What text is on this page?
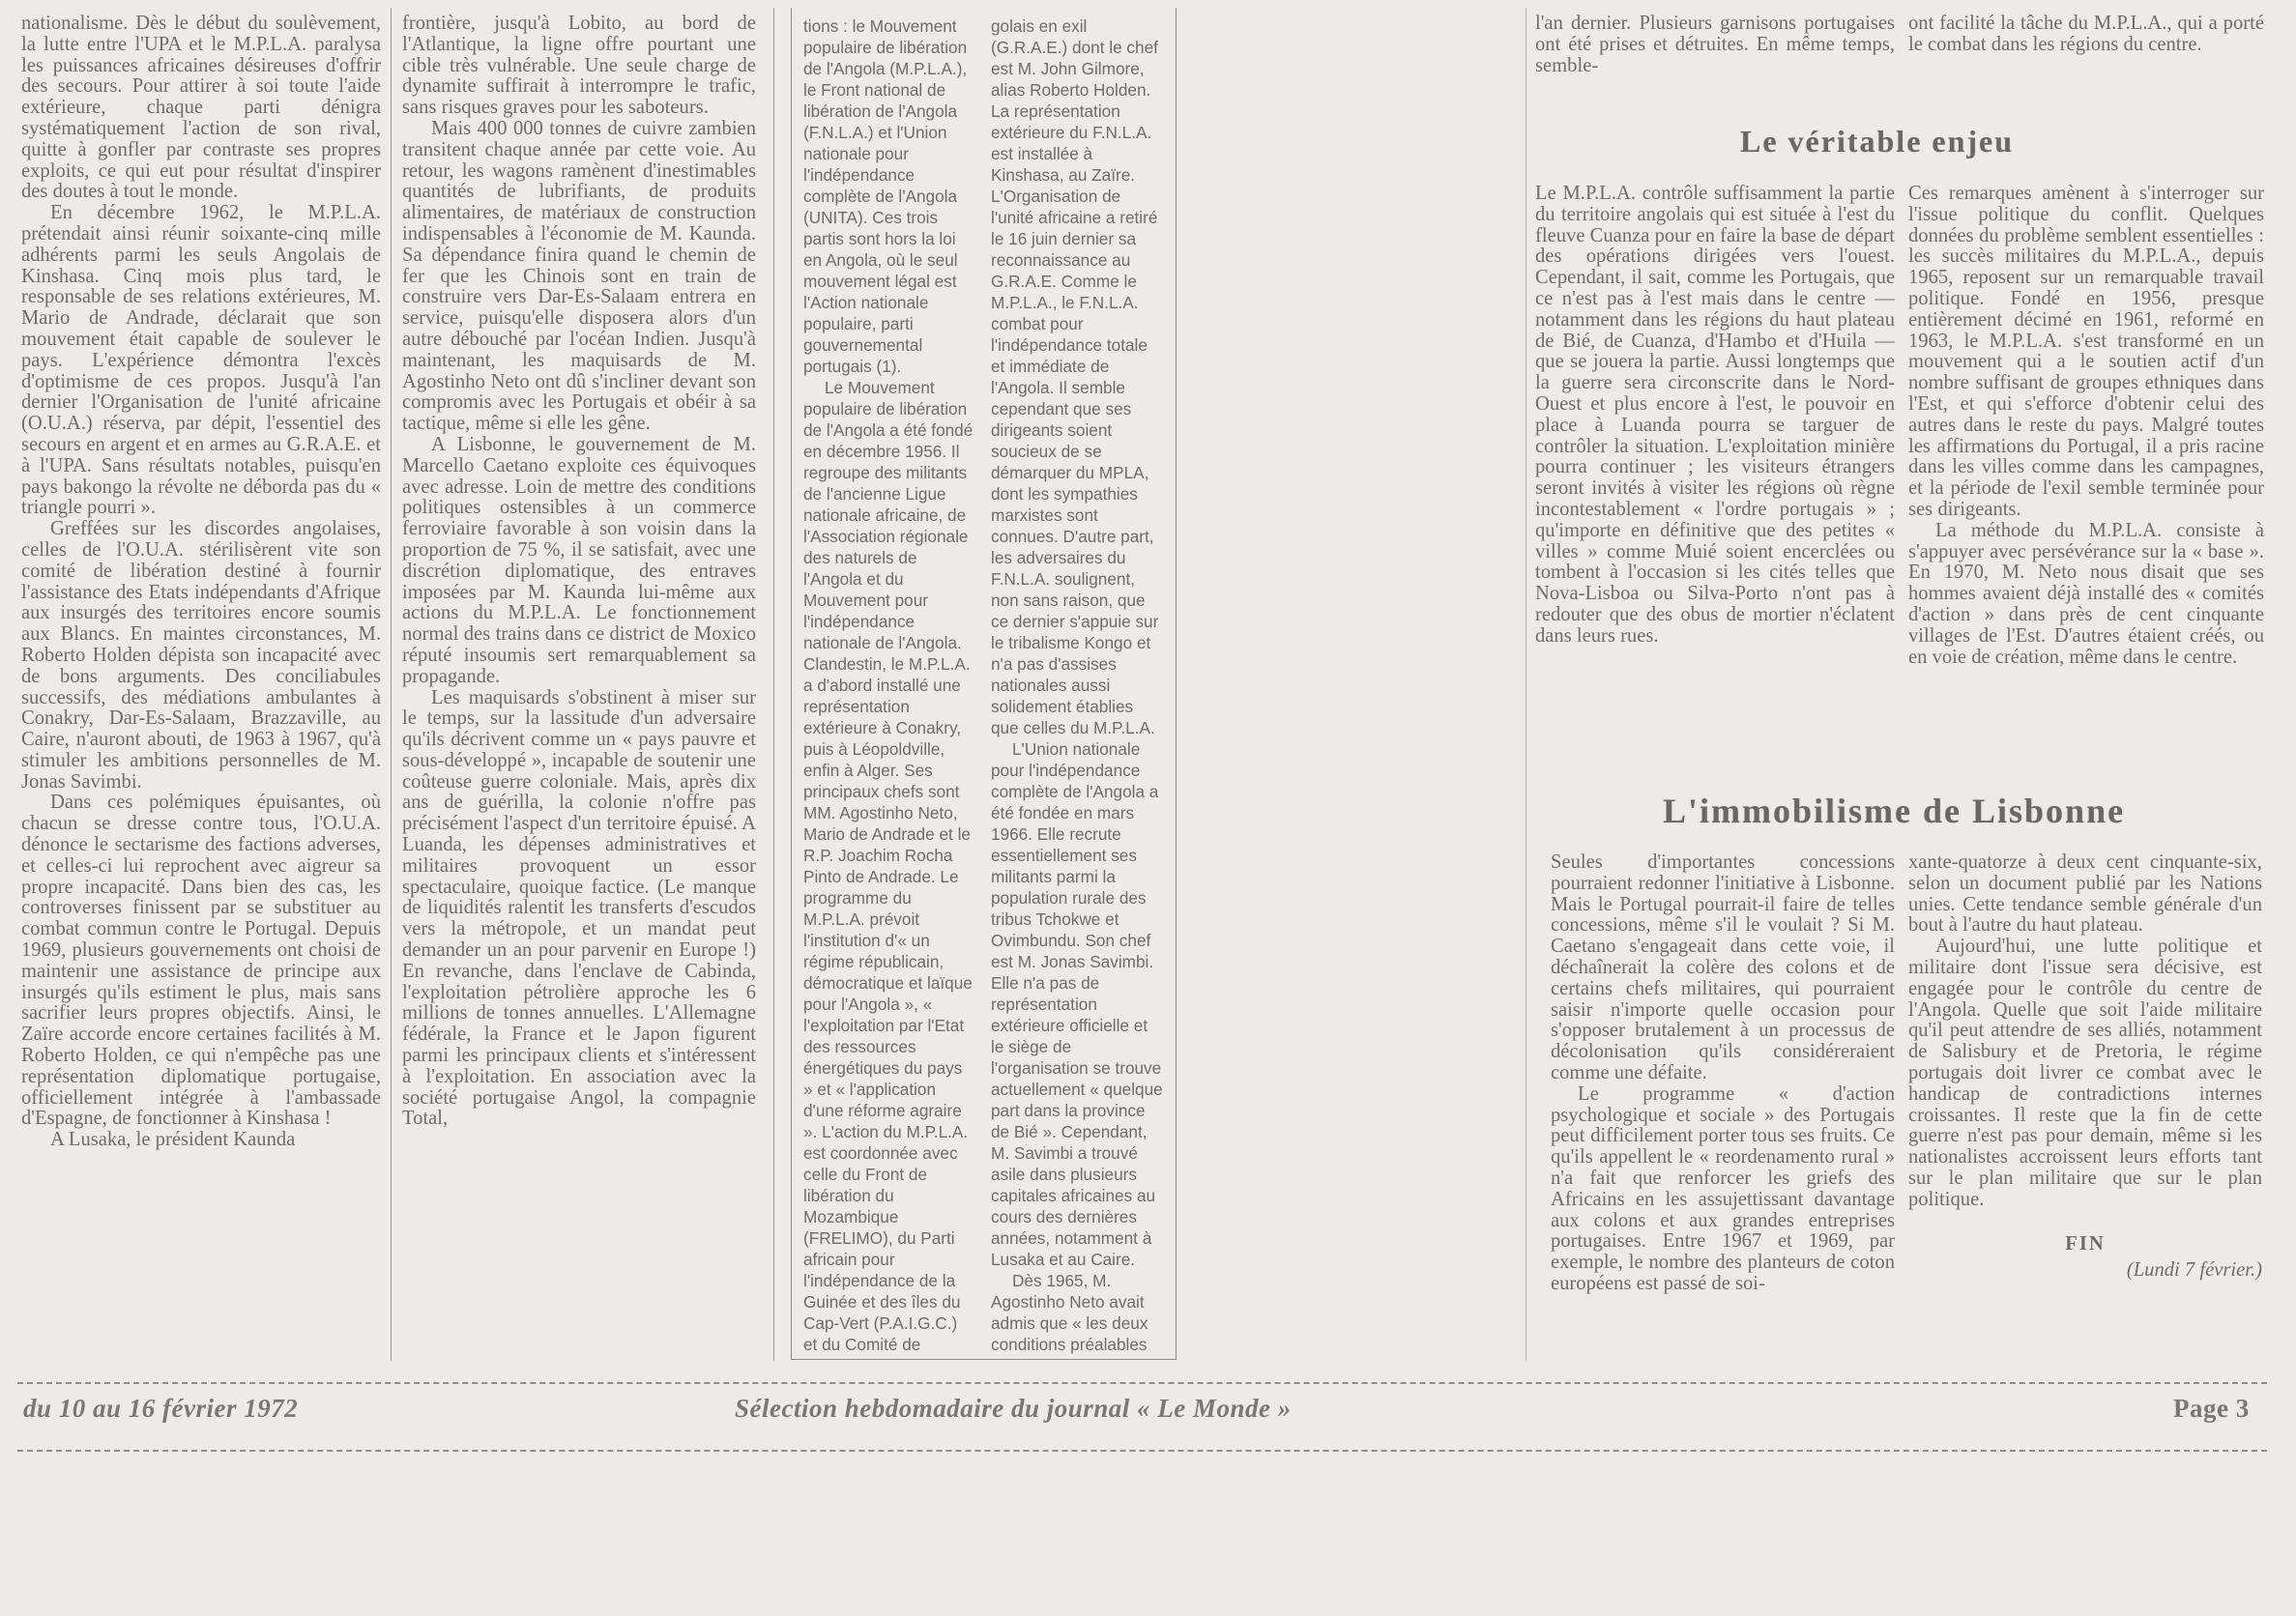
nationalisme. Dès le début du soulèvement, la lutte entre l'UPA et le M.P.L.A. paralysa les puissances africaines désireuses d'offrir des secours. Pour attirer à soi toute l'aide extérieure, chaque parti dénigra systématiquement l'action de son rival, quitte à gonfler par contraste ses propres exploits, ce qui eut pour résultat d'inspirer des doutes à tout le monde.

En décembre 1962, le M.P.L.A. prétendait ainsi réunir soixante-cinq mille adhérents parmi les seuls Angolais de Kinshasa. Cinq mois plus tard, le responsable de ses relations extérieures, M. Mario de Andrade, déclarait que son mouvement était capable de soulever le pays. L'expérience démontra l'excès d'optimisme de ces propos. Jusqu'à l'an dernier l'Organisation de l'unité africaine (O.U.A.) réserva, par dépit, l'essentiel des secours en argent et en armes au G.R.A.E. et à l'UPA. Sans résultats notables, puisqu'en pays bakongo la révolte ne déborda pas du « triangle pourri ».

Greffées sur les discordes angolaises, celles de l'O.U.A. stérilisèrent vite son comité de libération destiné à fournir l'assistance des Etats indépendants d'Afrique aux insurgés des territoires encore soumis aux Blancs. En maintes circonstances, M. Roberto Holden dépista son incapacité avec de bons arguments. Des conciliabules successifs, des médiations ambulantes à Conakry, Dar-Es-Salaam, Brazzaville, au Caire, n'auront abouti, de 1963 à 1967, qu'à stimuler les ambitions personnelles de M. Jonas Savimbi.

Dans ces polémiques épuisantes, où chacun se dresse contre tous, l'O.U.A. dénonce le sectarisme des factions adverses, et celles-ci lui reprochent avec aigreur sa propre incapacité. Dans bien des cas, les controverses finissent par se substituer au combat commun contre le Portugal. Depuis 1969, plusieurs gouvernements ont choisi de maintenir une assistance de principe aux insurgés qu'ils estiment le plus, mais sans sacrifier leurs propres objectifs. Ainsi, le Zaïre accorde encore certaines facilités à M. Roberto Holden, ce qui n'empêche pas une représentation diplomatique portugaise, officiellement intégrée à l'ambassade d'Espagne, de fonctionner à Kinshasa !

A Lusaka, le président Kaunda

frontière, jusqu'à Lobito, au bord de l'Atlantique, la ligne offre pourtant une cible très vulnérable. Une seule charge de dynamite suffirait à interrompre le trafic, sans risques graves pour les saboteurs.

Mais 400 000 tonnes de cuivre zambien transitent chaque année par cette voie. Au retour, les wagons ramènent d'inestimables quantités de lubrifiants, de produits alimentaires, de matériaux de construction indispensables à l'économie de M. Kaunda. Sa dépendance finira quand le chemin de fer que les Chinois sont en train de construire vers Dar-Es-Salaam entrera en service, puisqu'elle disposera alors d'un autre débouché par l'océan Indien. Jusqu'à maintenant, les maquisards de M. Agostinho Neto ont dû s'incliner devant son compromis avec les Portugais et obéir à sa tactique, même si elle les gêne.

A Lisbonne, le gouvernement de M. Marcello Caetano exploite ces équivoques avec adresse. Loin de mettre des conditions politiques ostensibles à un commerce ferroviaire favorable à son voisin dans la proportion de 75 %, il se satisfait, avec une discrétion diplomatique, des entraves imposées par M. Kaunda lui-même aux actions du M.P.L.A. Le fonctionnement normal des trains dans ce district de Moxico réputé insoumis sert remarquablement sa propagande.

Les maquisards s'obstinent à miser sur le temps, sur la lassitude d'un adversaire qu'ils décrivent comme un « pays pauvre et sous-développé », incapable de soutenir une coûteuse guerre coloniale. Mais, après dix ans de guérilla, la colonie n'offre pas précisément l'aspect d'un territoire épuisé. A Luanda, les dépenses administratives et militaires provoquent un essor spectaculaire, quoique factice. (Le manque de liquidités ralentit les transferts d'escudos vers la métropole, et un mandat peut demander un an pour parvenir en Europe !) En revanche, dans l'enclave de Cabinda, l'exploitation pétrolière approche les 6 millions de tonnes annuelles. L'Allemagne fédérale, la France et le Japon figurent parmi les principaux clients et s'intéressent à l'exploitation. En association avec la société portugaise Angol, la compagnie Total,

tions : le Mouvement populaire de libération de l'Angola (M.P.L.A.), le Front national de libération de l'Angola (F.N.L.A.) et l'Union nationale pour l'indépendance complète de l'Angola (UNITA). Ces trois partis sont hors la loi en Angola, où le seul mouvement légal est l'Action nationale populaire, parti gouvernemental portugais (1).

Le Mouvement populaire de libération de l'Angola a été fondé en décembre 1956. Il regroupe des militants de l'ancienne Ligue nationale africaine, de l'Association régionale des naturels de l'Angola et du Mouvement pour l'indépendance nationale de l'Angola. Clandestin, le M.P.L.A. a d'abord installé une représentation extérieure à Conakry, puis à Léopoldville, enfin à Alger. Ses principaux chefs sont MM. Agostinho Neto, Mario de Andrade et le R.P. Joachim Rocha Pinto de Andrade. Le programme du M.P.L.A. prévoit l'institution d'« un régime républicain, démocratique et laïque pour l'Angola », « l'exploitation par l'Etat des ressources énergétiques du pays » et « l'application d'une réforme agraire ». L'action du M.P.L.A. est coordonnée avec celle du Front de libération du Mozambique (FRELIMO), du Parti africain pour l'indépendance de la Guinée et des îles du Cap-Vert (P.A.I.G.C.) et du Comité de

golais en exil (G.R.A.E.) dont le chef est M. John Gilmore, alias Roberto Holden. La représentation extérieure du F.N.L.A. est installée à Kinshasa, au Zaïre. L'Organisation de l'unité africaine a retiré le 16 juin dernier sa reconnaissance au G.R.A.E. Comme le M.P.L.A., le F.N.L.A. combat pour l'indépendance totale et immédiate de l'Angola. Il semble cependant que ses dirigeants soient soucieux de se démarquer du MPLA, dont les sympathies marxistes sont connues. D'autre part, les adversaires du F.N.L.A. soulignent, non sans raison, que ce dernier s'appuie sur le tribalisme Kongo et n'a pas d'assises nationales aussi solidement établies que celles du M.P.L.A.

L'Union nationale pour l'indépendance complète de l'Angola a été fondée en mars 1966. Elle recrute essentiellement ses militants parmi la population rurale des tribus Tchokwe et Ovimbundu. Son chef est M. Jonas Savimbi. Elle n'a pas de représentation extérieure officielle et le siège de l'organisation se trouve actuellement « quelque part dans la province de Bié ». Cependant, M. Savimbi a trouvé asile dans plusieurs capitales africaines au cours des dernières années, notamment à Lusaka et au Caire.

Dès 1965, M. Agostinho Neto avait admis que « les deux conditions préalables

l'an dernier. Plusieurs garnisons portugaises ont été prises et détruites. En même temps, semble-

ont facilité la tâche du M.P.L.A., qui a porté le combat dans les régions du centre.

Le véritable enjeu

Le M.P.L.A. contrôle suffisamment la partie du territoire angolais qui est située à l'est du fleuve Cuanza pour en faire la base de départ des opérations dirigées vers l'ouest. Cependant, il sait, comme les Portugais, que ce n'est pas à l'est mais dans le centre — notamment dans les régions du haut plateau de Bié, de Cuanza, d'Hambo et d'Huila — que se jouera la partie. Aussi longtemps que la guerre sera circonscrite dans le Nord-Ouest et plus encore à l'est, le pouvoir en place à Luanda pourra se targuer de contrôler la situation. L'exploitation minière pourra continuer ; les visiteurs étrangers seront invités à visiter les régions où règne incontestablement « l'ordre portugais » ; qu'importe en définitive que des petites « villes » comme Muié soient encerclées ou tombent à l'occasion si les cités telles que Nova-Lisboa ou Silva-Porto n'ont pas à redouter que des obus de mortier n'éclatent dans leurs rues.

Ces remarques amènent à s'interroger sur l'issue politique du conflit. Quelques données du problème semblent essentielles : les succès militaires du M.P.L.A., depuis 1965, reposent sur un remarquable travail politique. Fondé en 1956, presque entièrement décimé en 1961, reformé en 1963, le M.P.L.A. s'est transformé en un mouvement qui a le soutien actif d'un nombre suffisant de groupes ethniques dans l'Est, et qui s'efforce d'obtenir celui des autres dans le reste du pays. Malgré toutes les affirmations du Portugal, il a pris racine dans les villes comme dans les campagnes, et la période de l'exil semble terminée pour ses dirigeants.

La méthode du M.P.L.A. consiste à s'appuyer avec persévérance sur la « base ». En 1970, M. Neto nous disait que ses hommes avaient déjà installé des « comités d'action » dans près de cent cinquante villages de l'Est. D'autres étaient créés, ou en voie de création, même dans le centre.

L'immobilisme de Lisbonne

Seules d'importantes concessions pourraient redonner l'initiative à Lisbonne. Mais le Portugal pourrait-il faire de telles concessions, même s'il le voulait ? Si M. Caetano s'engageait dans cette voie, il déchaînerait la colère des colons et de certains chefs militaires, qui pourraient saisir n'importe quelle occasion pour s'opposer brutalement à un processus de décolonisation qu'ils considéreraient comme une défaite.

Le programme « d'action psychologique et sociale » des Portugais peut difficilement porter tous ses fruits. Ce qu'ils appellent le « reordenamento rural » n'a fait que renforcer les griefs des Africains en les assujettissant davantage aux colons et aux grandes entreprises portugaises. Entre 1967 et 1969, par exemple, le nombre des planteurs de coton européens est passé de soi-

xante-quatorze à deux cent cinquante-six, selon un document publié par les Nations unies. Cette tendance semble générale d'un bout à l'autre du haut plateau.

Aujourd'hui, une lutte politique et militaire dont l'issue sera décisive, est engagée pour le contrôle du centre de l'Angola. Quelle que soit l'aide militaire qu'il peut attendre de ses alliés, notamment de Salisbury et de Pretoria, le régime portugais doit livrer ce combat avec le handicap de contradictions internes croissantes. Il reste que la fin de cette guerre n'est pas pour demain, même si les nationalistes accroissent leurs efforts tant sur le plan militaire que sur le plan politique.

FIN
(Lundi 7 février.)
du 10 au 16 février 1972	Sélection hebdomadaire du journal « Le Monde »	Page 3
